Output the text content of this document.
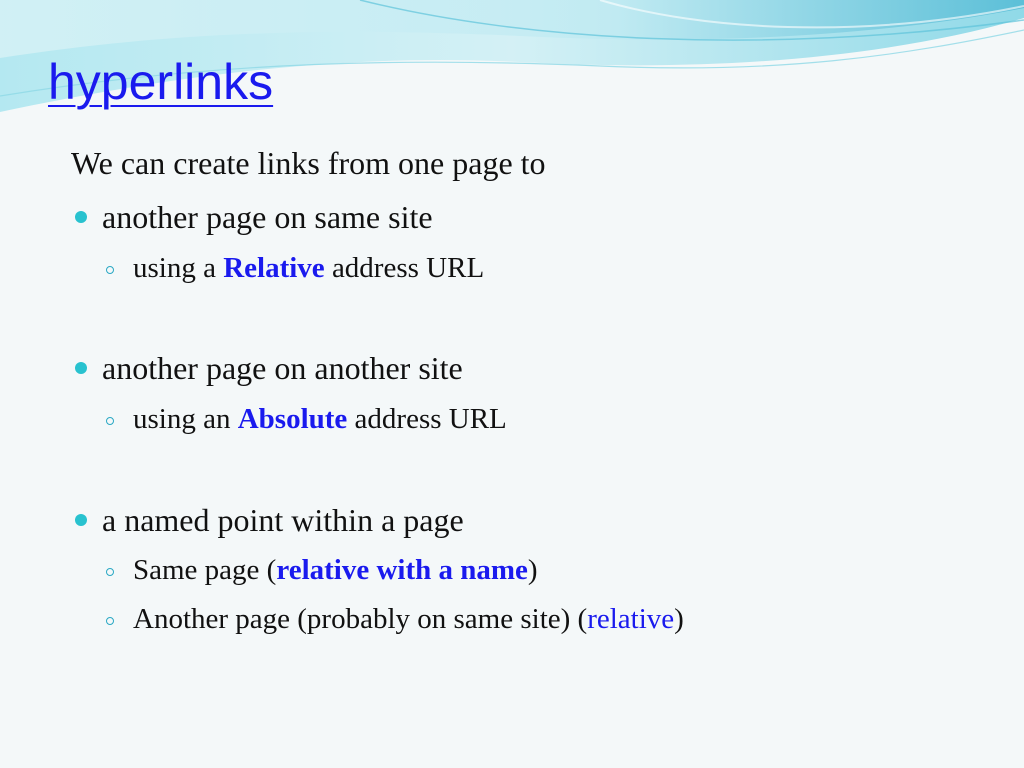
hyperlinks
We can create links from one page to
another page on same site
using a Relative address URL
another page on another site
using an Absolute address URL
a named point within a page
Same page (relative with a name)
Another page (probably on same site) (relative)
